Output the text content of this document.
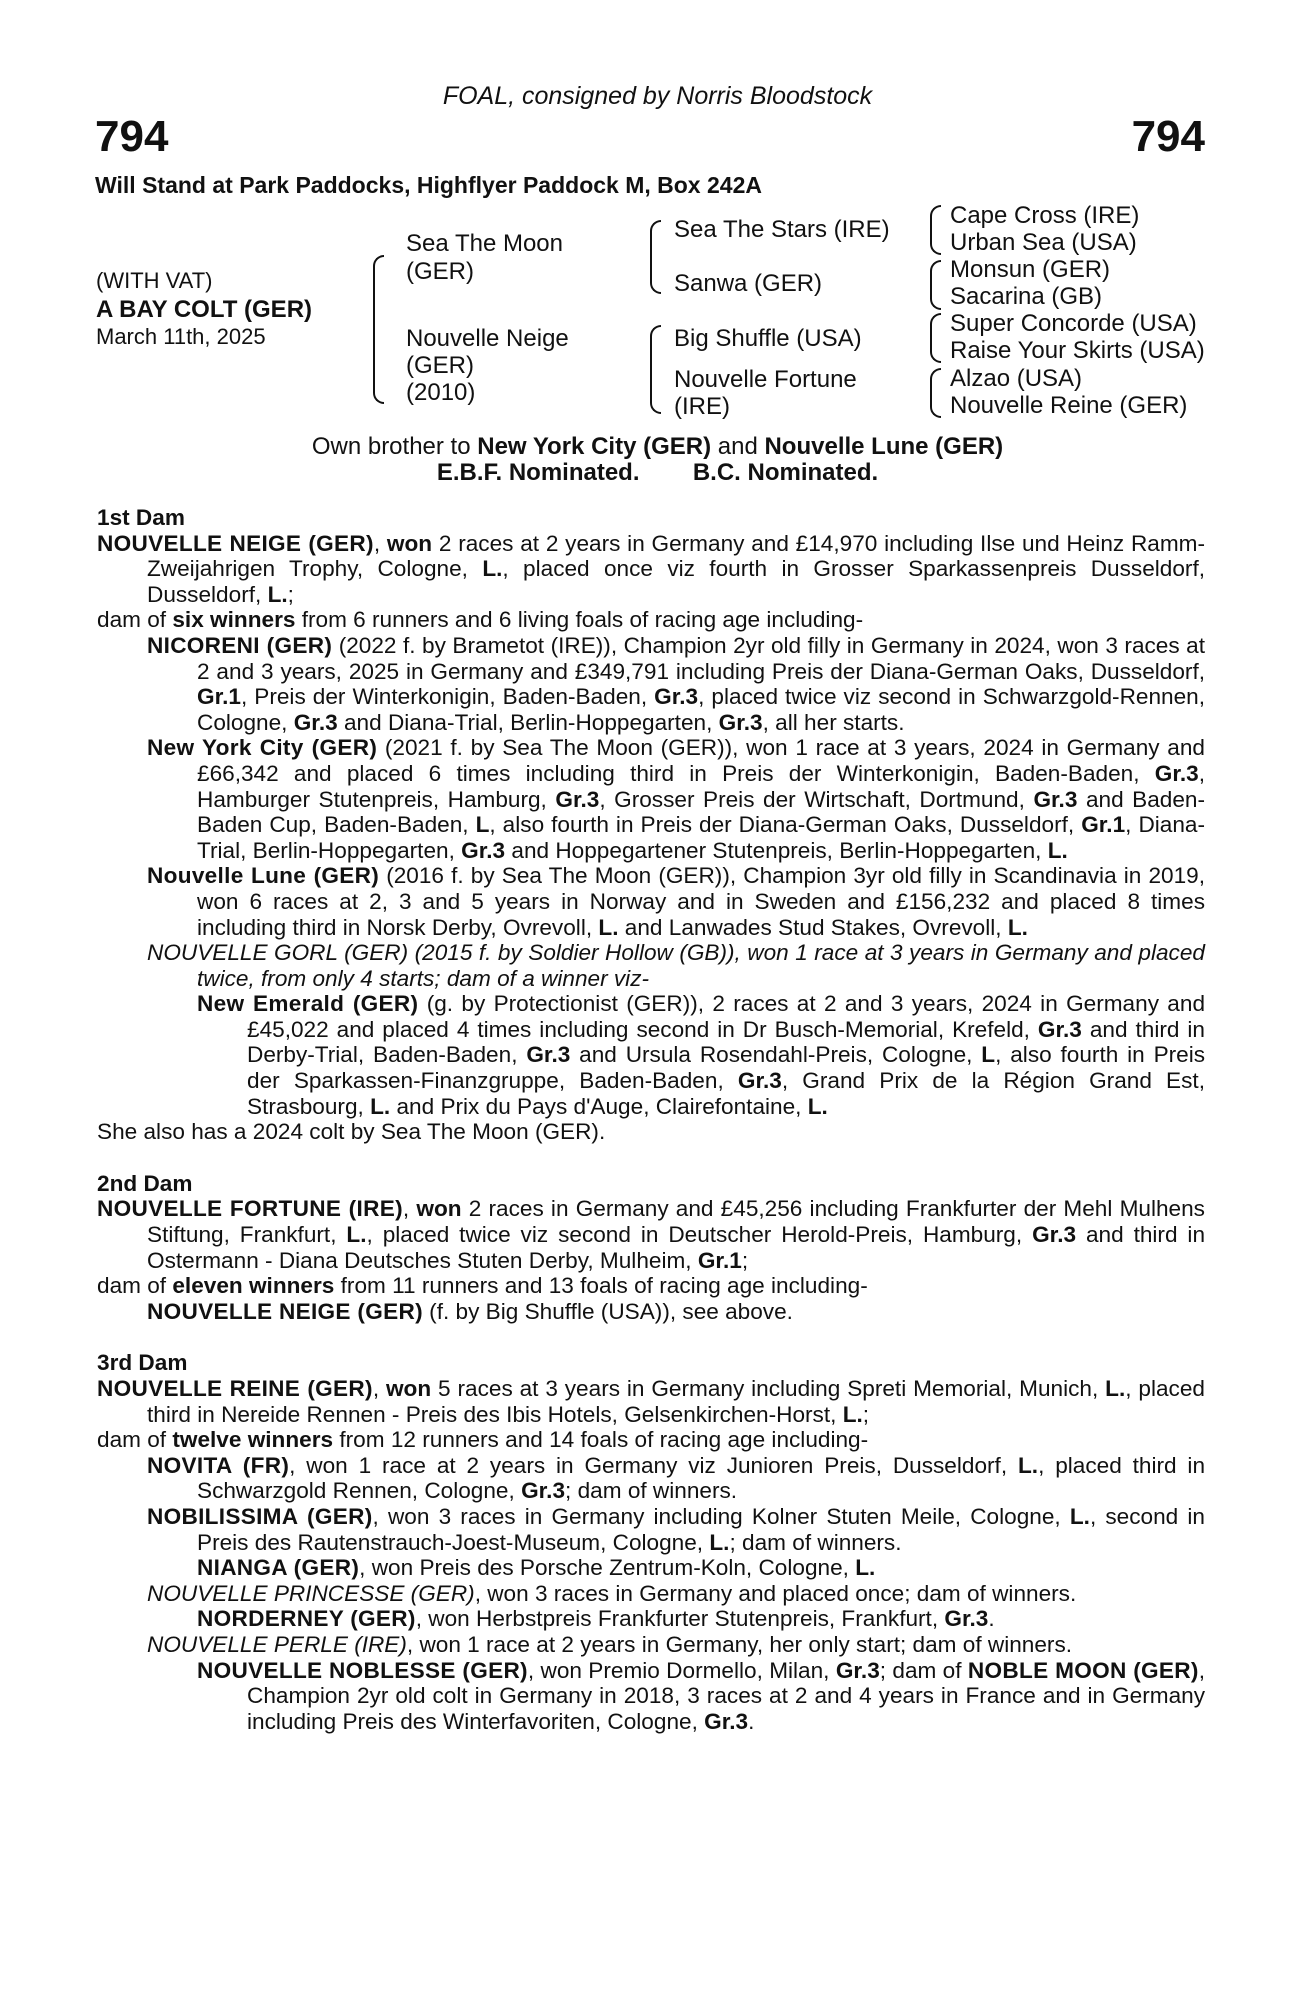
FOAL, consigned by Norris Bloodstock
794	794
Will Stand at Park Paddocks, Highflyer Paddock M, Box 242A
(WITH VAT)
A BAY COLT (GER)
March 11th, 2025
Sea The Moon
(GER)
Nouvelle Neige
(GER)
(2010)
Sea The Stars (IRE)
Sanwa (GER)
Big Shuffle (USA)
Nouvelle Fortune
(IRE)
Cape Cross (IRE)
Urban Sea (USA)
Monsun (GER)
Sacarina (GB)
Super Concorde (USA)
Raise Your Skirts (USA)
Alzao (USA)
Nouvelle Reine (GER)
Own brother to New York City (GER) and Nouvelle Lune (GER)
E.B.F. Nominated. B.C. Nominated.
1st Dam
NOUVELLE NEIGE (GER), won 2 races at 2 years in Germany and £14,970 including Ilse und Heinz Ramm-Zweijahrigen Trophy, Cologne, L., placed once viz fourth in Grosser Sparkassenpreis Dusseldorf, Dusseldorf, L.;
dam of six winners from 6 runners and 6 living foals of racing age including-
NICORENI (GER) (2022 f. by Brametot (IRE)), Champion 2yr old filly in Germany in 2024, won 3 races at 2 and 3 years, 2025 in Germany and £349,791 including Preis der Diana-German Oaks, Dusseldorf, Gr.1, Preis der Winterkonigin, Baden-Baden, Gr.3, placed twice viz second in Schwarzgold-Rennen, Cologne, Gr.3 and Diana-Trial, Berlin-Hoppegarten, Gr.3, all her starts.
New York City (GER) (2021 f. by Sea The Moon (GER)), won 1 race at 3 years, 2024 in Germany and £66,342 and placed 6 times including third in Preis der Winterkonigin, Baden-Baden, Gr.3, Hamburger Stutenpreis, Hamburg, Gr.3, Grosser Preis der Wirtschaft, Dortmund, Gr.3 and Baden-Baden Cup, Baden-Baden, L, also fourth in Preis der Diana-German Oaks, Dusseldorf, Gr.1, Diana-Trial, Berlin-Hoppegarten, Gr.3 and Hoppegartener Stutenpreis, Berlin-Hoppegarten, L.
Nouvelle Lune (GER) (2016 f. by Sea The Moon (GER)), Champion 3yr old filly in Scandinavia in 2019, won 6 races at 2, 3 and 5 years in Norway and in Sweden and £156,232 and placed 8 times including third in Norsk Derby, Ovrevoll, L. and Lanwades Stud Stakes, Ovrevoll, L.
NOUVELLE GORL (GER) (2015 f. by Soldier Hollow (GB)), won 1 race at 3 years in Germany and placed twice, from only 4 starts; dam of a winner viz-
New Emerald (GER) (g. by Protectionist (GER)), 2 races at 2 and 3 years, 2024 in Germany and £45,022 and placed 4 times including second in Dr Busch-Memorial, Krefeld, Gr.3 and third in Derby-Trial, Baden-Baden, Gr.3 and Ursula Rosendahl-Preis, Cologne, L, also fourth in Preis der Sparkassen-Finanzgruppe, Baden-Baden, Gr.3, Grand Prix de la Région Grand Est, Strasbourg, L. and Prix du Pays d'Auge, Clairefontaine, L.
She also has a 2024 colt by Sea The Moon (GER).
2nd Dam
NOUVELLE FORTUNE (IRE), won 2 races in Germany and £45,256 including Frankfurter der Mehl Mulhens Stiftung, Frankfurt, L., placed twice viz second in Deutscher Herold-Preis, Hamburg, Gr.3 and third in Ostermann - Diana Deutsches Stuten Derby, Mulheim, Gr.1;
dam of eleven winners from 11 runners and 13 foals of racing age including-
NOUVELLE NEIGE (GER) (f. by Big Shuffle (USA)), see above.
3rd Dam
NOUVELLE REINE (GER), won 5 races at 3 years in Germany including Spreti Memorial, Munich, L., placed third in Nereide Rennen - Preis des Ibis Hotels, Gelsenkirchen-Horst, L.;
dam of twelve winners from 12 runners and 14 foals of racing age including-
NOVITA (FR), won 1 race at 2 years in Germany viz Junioren Preis, Dusseldorf, L., placed third in Schwarzgold Rennen, Cologne, Gr.3; dam of winners.
NOBILISSIMA (GER), won 3 races in Germany including Kolner Stuten Meile, Cologne, L., second in Preis des Rautenstrauch-Joest-Museum, Cologne, L.; dam of winners.
NIANGA (GER), won Preis des Porsche Zentrum-Koln, Cologne, L.
NOUVELLE PRINCESSE (GER), won 3 races in Germany and placed once; dam of winners.
NORDERNEY (GER), won Herbstpreis Frankfurter Stutenpreis, Frankfurt, Gr.3.
NOUVELLE PERLE (IRE), won 1 race at 2 years in Germany, her only start; dam of winners.
NOUVELLE NOBLESSE (GER), won Premio Dormello, Milan, Gr.3; dam of NOBLE MOON (GER), Champion 2yr old colt in Germany in 2018, 3 races at 2 and 4 years in France and in Germany including Preis des Winterfavoriten, Cologne, Gr.3.
